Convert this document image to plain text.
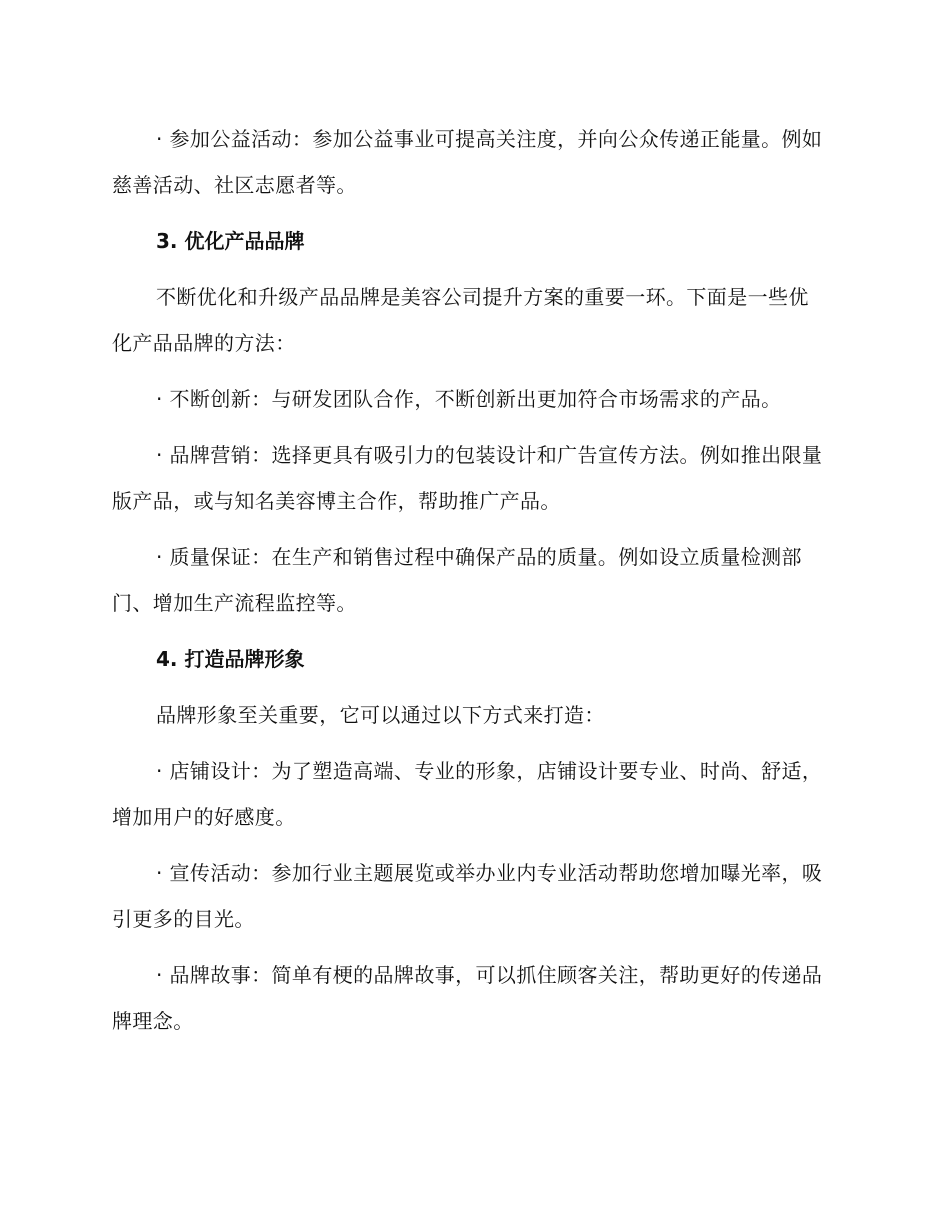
· 参加公益活动：参加公益事业可提高关注度，并向公众传递正能量。例如慈善活动、社区志愿者等。

3. 优化产品品牌

不断优化和升级产品品牌是美容公司提升方案的重要一环。下面是一些优化产品品牌的方法：

· 不断创新：与研发团队合作，不断创新出更加符合市场需求的产品。

· 品牌营销：选择更具有吸引力的包装设计和广告宣传方法。例如推出限量版产品，或与知名美容博主合作，帮助推广产品。

· 质量保证：在生产和销售过程中确保产品的质量。例如设立质量检测部门、增加生产流程监控等。

4. 打造品牌形象

品牌形象至关重要，它可以通过以下方式来打造：

· 店铺设计：为了塑造高端、专业的形象，店铺设计要专业、时尚、舒适，增加用户的好感度。

· 宣传活动：参加行业主题展览或举办业内专业活动帮助您增加曝光率，吸引更多的目光。

· 品牌故事：简单有梗的品牌故事，可以抓住顾客关注，帮助更好的传递品牌理念。
